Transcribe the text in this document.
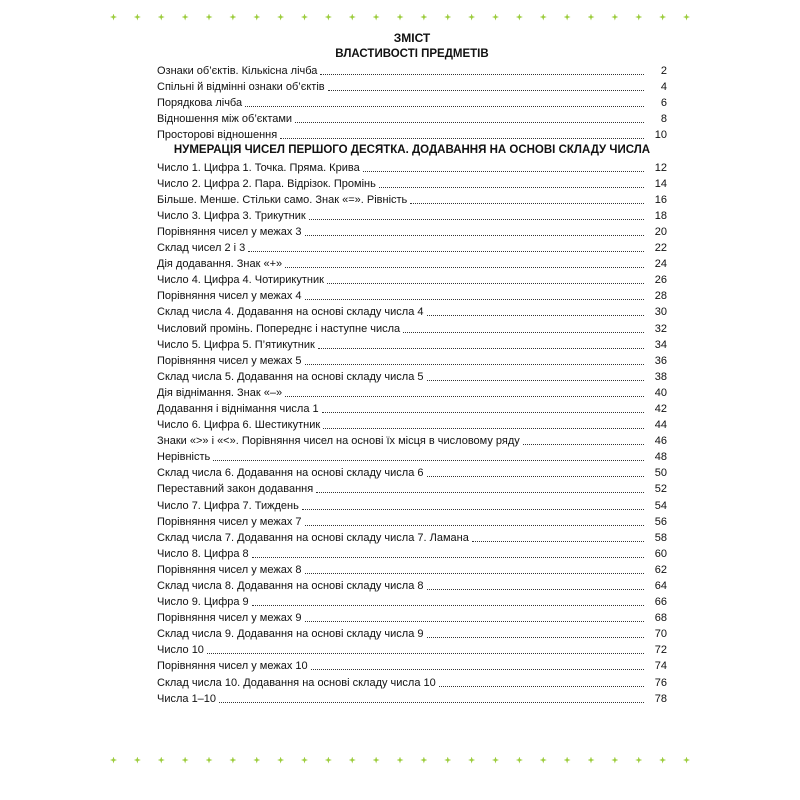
ЗМІСТ
ВЛАСТИВОСТІ ПРЕДМЕТІВ
Ознаки об’єктів. Кількісна лічба	2
Спільні й відмінні ознаки об’єктів	4
Порядкова лічба	6
Відношення між об’єктами	8
Просторові відношення	10
НУМЕРАЦІЯ ЧИСЕЛ ПЕРШОГО ДЕСЯТКА. ДОДАВАННЯ НА ОСНОВІ СКЛАДУ ЧИСЛА
Число 1. Цифра 1. Точка. Пряма. Крива	12
Число 2. Цифра 2. Пара. Відрізок. Промінь	14
Більше. Менше. Стільки само. Знак «=». Рівність	16
Число 3. Цифра 3. Трикутник	18
Порівняння чисел у межах 3	20
Склад чисел 2 і 3	22
Дія додавання. Знак «+»	24
Число 4. Цифра 4. Чотирикутник	26
Порівняння чисел у межах 4	28
Склад числа 4. Додавання на основі складу числа 4	30
Числовий промінь. Попереднє і наступне числа	32
Число 5. Цифра 5. П’ятикутник	34
Порівняння чисел у межах 5	36
Склад числа 5. Додавання на основі складу числа 5	38
Дія віднімання. Знак «–»	40
Додавання і віднімання числа 1	42
Число 6. Цифра 6. Шестикутник	44
Знаки «>» і «<». Порівняння чисел на основі їх місця в числовому ряду	46
Нерівність	48
Склад числа 6. Додавання на основі складу числа 6	50
Переставний закон додавання	52
Число 7. Цифра 7. Тиждень	54
Порівняння чисел у межах 7	56
Склад числа 7. Додавання на основі складу числа 7. Ламана	58
Число 8. Цифра 8	60
Порівняння чисел у межах 8	62
Склад числа 8. Додавання на основі складу числа 8	64
Число 9. Цифра 9	66
Порівняння чисел у межах 9	68
Склад числа 9. Додавання на основі складу числа 9	70
Число 10	72
Порівняння чисел у межах 10	74
Склад числа 10. Додавання на основі складу числа 10	76
Числа 1–10	78
